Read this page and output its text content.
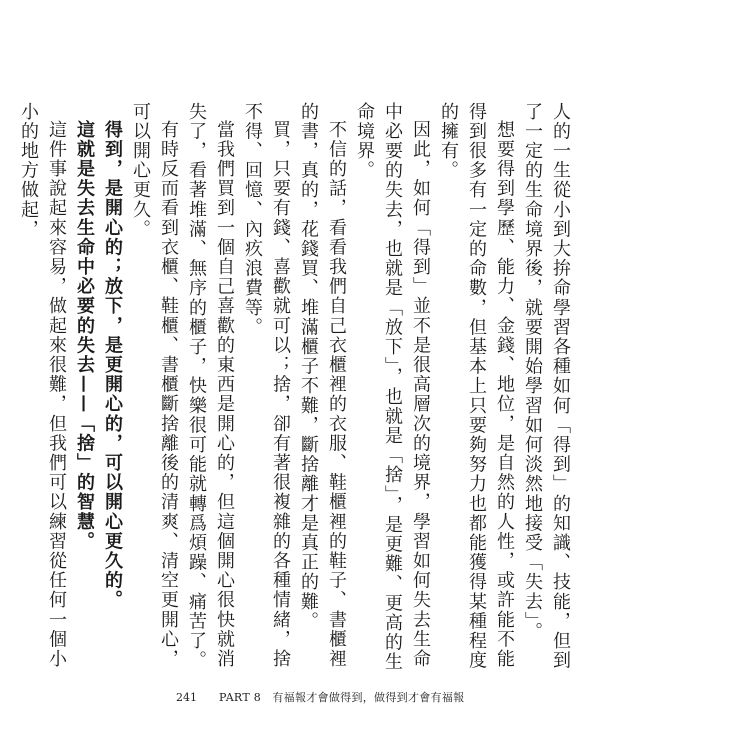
人的一生從小到大拚命學習各種如何「得到」的知識、技能，但到了一定的生命境界後，就要開始學習如何淡然地接受「失去」。

想要得到學歷、能力、金錢、地位，是自然的人性，或許能不能得到很多有一定的命數，但基本上只要夠努力也都能獲得某種程度的擁有。

因此，如何「得到」並不是很高層次的境界，學習如何失去生命中必要的失去，也就是「放下」，也就是「捨」，是更難、更高的生命境界。

不信的話，看看我們自己衣櫃裡的衣服、鞋櫃裡的鞋子、書櫃裡的書，真的，花錢買、堆滿櫃子不難，斷捨離才是真正的難。

買，只要有錢、喜歡就可以；捨，卻有著很複雜的各種情緒，捨不得、回憶、內疚浪費等。

當我們買到一個自己喜歡的東西是開心的，但這個開心很快就消失了，看著堆滿、無序的櫃子，快樂很可能就轉爲煩躁、痛苦了。

有時反而看到衣櫃、鞋櫃、書櫃斷捨離後的清爽、清空更開心，可以開心更久。

得到，是開心的；放下，是更開心的，可以開心更久的。

這就是失去生命中必要的失去——「捨」的智慧。

這件事說起來容易，做起來很難，但我們可以練習從任何一個小小的地方做起，

241 PART 8　有福報才會做得到，做得到才會有福報
